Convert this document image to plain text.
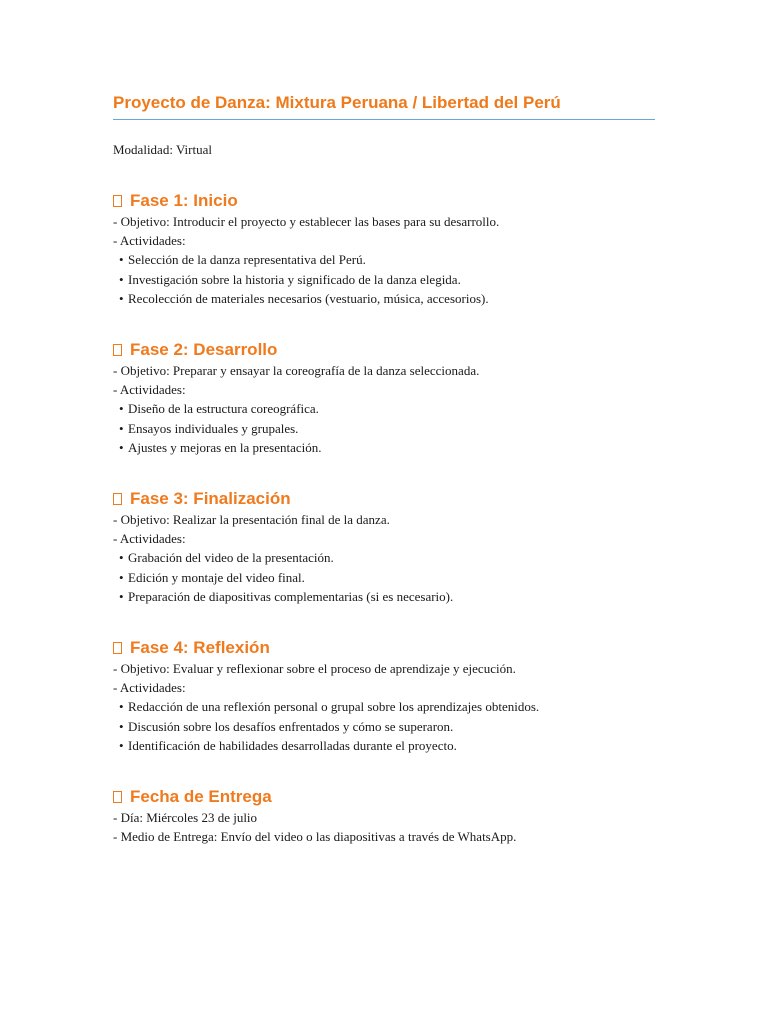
Proyecto de Danza: Mixtura Peruana / Libertad del Perú
Modalidad: Virtual
Fase 1: Inicio
- Objetivo: Introducir el proyecto y establecer las bases para su desarrollo.
- Actividades:
• Selección de la danza representativa del Perú.
• Investigación sobre la historia y significado de la danza elegida.
• Recolección de materiales necesarios (vestuario, música, accesorios).
Fase 2: Desarrollo
- Objetivo: Preparar y ensayar la coreografía de la danza seleccionada.
- Actividades:
• Diseño de la estructura coreográfica.
• Ensayos individuales y grupales.
• Ajustes y mejoras en la presentación.
Fase 3: Finalización
- Objetivo: Realizar la presentación final de la danza.
- Actividades:
• Grabación del video de la presentación.
• Edición y montaje del video final.
• Preparación de diapositivas complementarias (si es necesario).
Fase 4: Reflexión
- Objetivo: Evaluar y reflexionar sobre el proceso de aprendizaje y ejecución.
- Actividades:
• Redacción de una reflexión personal o grupal sobre los aprendizajes obtenidos.
• Discusión sobre los desafíos enfrentados y cómo se superaron.
• Identificación de habilidades desarrolladas durante el proyecto.
Fecha de Entrega
- Día: Miércoles 23 de julio
- Medio de Entrega: Envío del video o las diapositivas a través de WhatsApp.
